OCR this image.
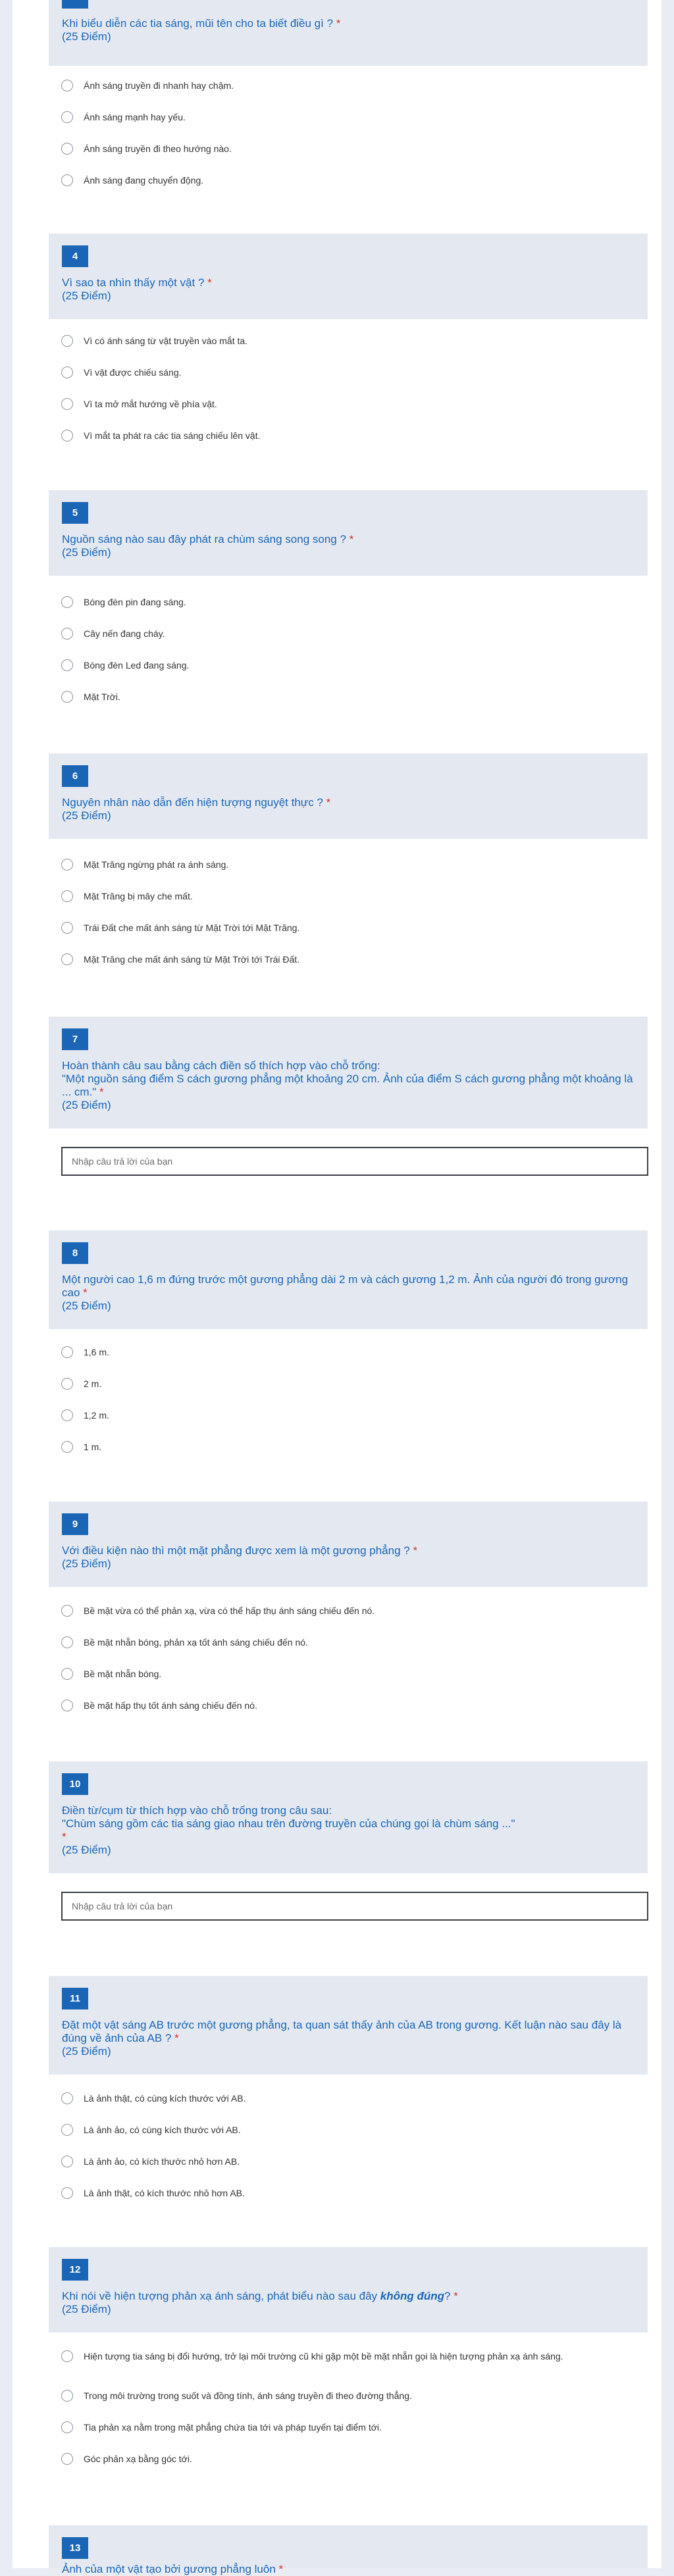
Khi biểu diễn các tia sáng, mũi tên cho ta biết điều gì ? *
(25 Điểm)
Ánh sáng truyền đi nhanh hay chậm.
Ánh sáng mạnh hay yếu.
Ánh sáng truyền đi theo hướng nào.
Ánh sáng đang chuyển động.
4
Vì sao ta nhìn thấy một vật ? *
(25 Điểm)
Vì có ánh sáng từ vật truyền vào mắt ta.
Vì vật được chiếu sáng.
Vì ta mở mắt hướng về phía vật.
Vì mắt ta phát ra các tia sáng chiếu lên vật.
5
Nguồn sáng nào sau đây phát ra chùm sáng song song ? *
(25 Điểm)
Bóng đèn pin đang sáng.
Cây nến đang cháy.
Bóng đèn Led đang sáng.
Mặt Trời.
6
Nguyên nhân nào dẫn đến hiện tượng nguyệt thực ? *
(25 Điểm)
Mặt Trăng ngừng phát ra ánh sáng.
Mặt Trăng bị mây che mất.
Trái Đất che mất ánh sáng từ Mặt Trời tới Mặt Trăng.
Mặt Trăng che mất ánh sáng từ Mặt Trời tới Trái Đất.
7
Hoàn thành câu sau bằng cách điền số thích hợp vào chỗ trống:
"Một nguồn sáng điểm S cách gương phẳng một khoảng 20 cm. Ảnh của điểm S cách gương phẳng một khoảng là ... cm." *
(25 Điểm)
Nhập câu trả lời của bạn
8
Một người cao 1,6 m đứng trước một gương phẳng dài 2 m và cách gương 1,2 m. Ảnh của người đó trong gương cao *
(25 Điểm)
1,6 m.
2 m.
1,2 m.
1 m.
9
Với điều kiện nào thì một mặt phẳng được xem là một gương phẳng ? *
(25 Điểm)
Bề mặt vừa có thể phản xạ, vừa có thể hấp thụ ánh sáng chiếu đến nó.
Bề mặt nhẵn bóng, phản xạ tốt ánh sáng chiếu đến nó.
Bề mặt nhẵn bóng.
Bề mặt hấp thụ tốt ánh sáng chiếu đến nó.
10
Điền từ/cụm từ thích hợp vào chỗ trống trong câu sau:
"Chùm sáng gồm các tia sáng giao nhau trên đường truyền của chúng gọi là chùm sáng ..."
*
(25 Điểm)
Nhập câu trả lời của bạn
11
Đặt một vật sáng AB trước một gương phẳng, ta quan sát thấy ảnh của AB trong gương. Kết luận nào sau đây là đúng về ảnh của AB ? *
(25 Điểm)
Là ảnh thật, có cùng kích thước với AB.
Là ảnh ảo, có cùng kích thước với AB.
Là ảnh ảo, có kích thước nhỏ hơn AB.
Là ảnh thật, có kích thước nhỏ hơn AB.
12
Khi nói về hiện tượng phản xạ ánh sáng, phát biểu nào sau đây không đúng? *
(25 Điểm)
Hiện tượng tia sáng bị đổi hướng, trở lại môi trường cũ khi gặp một bề mặt nhẵn gọi là hiện tượng phản xạ ánh sáng.
Trong môi trường trong suốt và đồng tính, ánh sáng truyền đi theo đường thẳng.
Tia phản xạ nằm trong mặt phẳng chứa tia tới và pháp tuyến tại điểm tới.
Góc phản xạ bằng góc tới.
13
Ảnh của một vật tạo bởi gương phẳng luôn *
